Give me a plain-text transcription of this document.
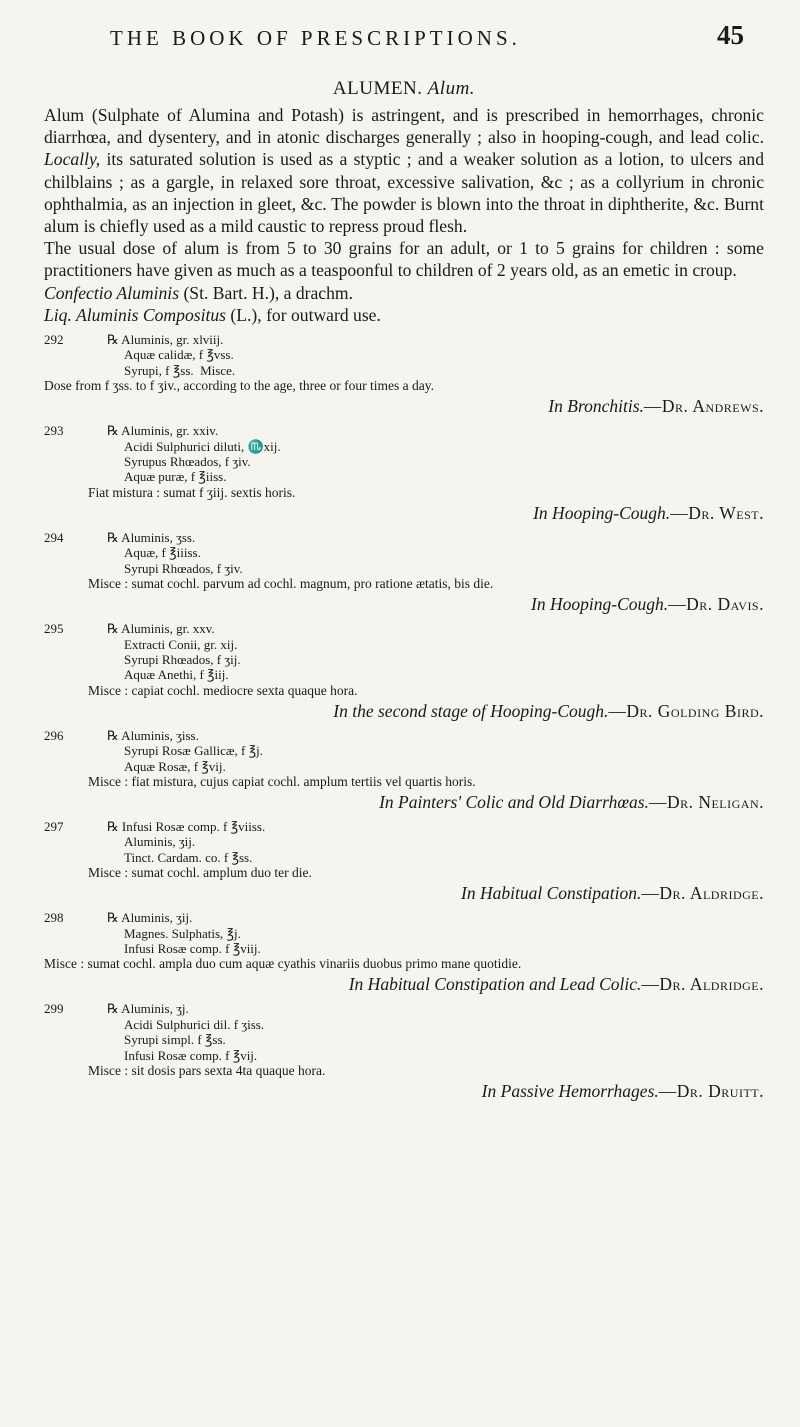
THE BOOK OF PRESCRIPTIONS.	45
ALUMEN. Alum.

Alum (Sulphate of Alumina and Potash) is astringent, and is prescribed in hemorrhages, chronic diarrhœa, and dysentery, and in atonic discharges generally ; also in hooping-cough, and lead colic. Locally, its saturated solution is used as a styptic ; and a weaker solution as a lotion, to ulcers and chilblains ; as a gargle, in relaxed sore throat, excessive salivation, &c ; as a collyrium in chronic ophthalmia, as an injection in gleet, &c. The powder is blown into the throat in diphtherite, &c. Burnt alum is chiefly used as a mild caustic to repress proud flesh.

The usual dose of alum is from 5 to 30 grains for an adult, or 1 to 5 grains for children : some practitioners have given as much as a teaspoonful to children of 2 years old, as an emetic in croup.

Confectio Aluminis (St. Bart. H.), a drachm.
Liq. Aluminis Compositus (L.), for outward use.
292	℞ Aluminis, gr. xlviij.
Aquæ calidæ, f ℥vss.
Syrupi, f ℥ss.  Misce.
Dose from f ʒss. to f ʒiv., according to the age, three or four times a day.
In Bronchitis.—Dr. Andrews.
293	℞ Aluminis, gr. xxiv.
Acidi Sulphurici diluti, ♏xij.
Syrupus Rhœados, f ʒiv.
Aquæ puræ, f ℥iiss.
Fiat mistura : sumat f ʒiij. sextis horis.
In Hooping-Cough.—Dr. West.
294	℞ Aluminis, ʒss.
Aquæ, f ℥iiiss.
Syrupi Rhœados, f ʒiv.
Misce : sumat cochl. parvum ad cochl. magnum, pro ratione ætatis, bis die.
In Hooping-Cough.—Dr. Davis.
295	℞ Aluminis, gr. xxv.
Extracti Conii, gr. xij.
Syrupi Rhœados, f ʒij.
Aquæ Anethi, f ℥iij.
Misce : capiat cochl. mediocre sexta quaque hora.
In the second stage of Hooping-Cough.—Dr. Golding Bird.
296	℞ Aluminis, ʒiss.
Syrupi Rosæ Gallicæ, f ℥j.
Aquæ Rosæ, f ℥vij.
Misce : fiat mistura, cujus capiat cochl. amplum tertiis vel quartis horis.
In Painters' Colic and Old Diarrhœas.—Dr. Neligan.
297	℞ Infusi Rosæ comp. f ℥viiss.
Aluminis, ʒij.
Tinct. Cardam. co. f ℥ss.
Misce : sumat cochl. amplum duo ter die.
In Habitual Constipation.—Dr. Aldridge.
298	℞ Aluminis, ʒij.
Magnes. Sulphatis, ℥j.
Infusi Rosæ comp. f ℥viij.
Misce : sumat cochl. ampla duo cum aquæ cyathis vinariis duobus primo mane quotidie.
In Habitual Constipation and Lead Colic.—Dr. Aldridge.
299	℞ Aluminis, ʒj.
Acidi Sulphurici dil. f ʒiss.
Syrupi simpl. f ℥ss.
Infusi Rosæ comp. f ℥vij.
Misce : sit dosis pars sexta 4ta quaque hora.
In Passive Hemorrhages.—Dr. Druitt.
